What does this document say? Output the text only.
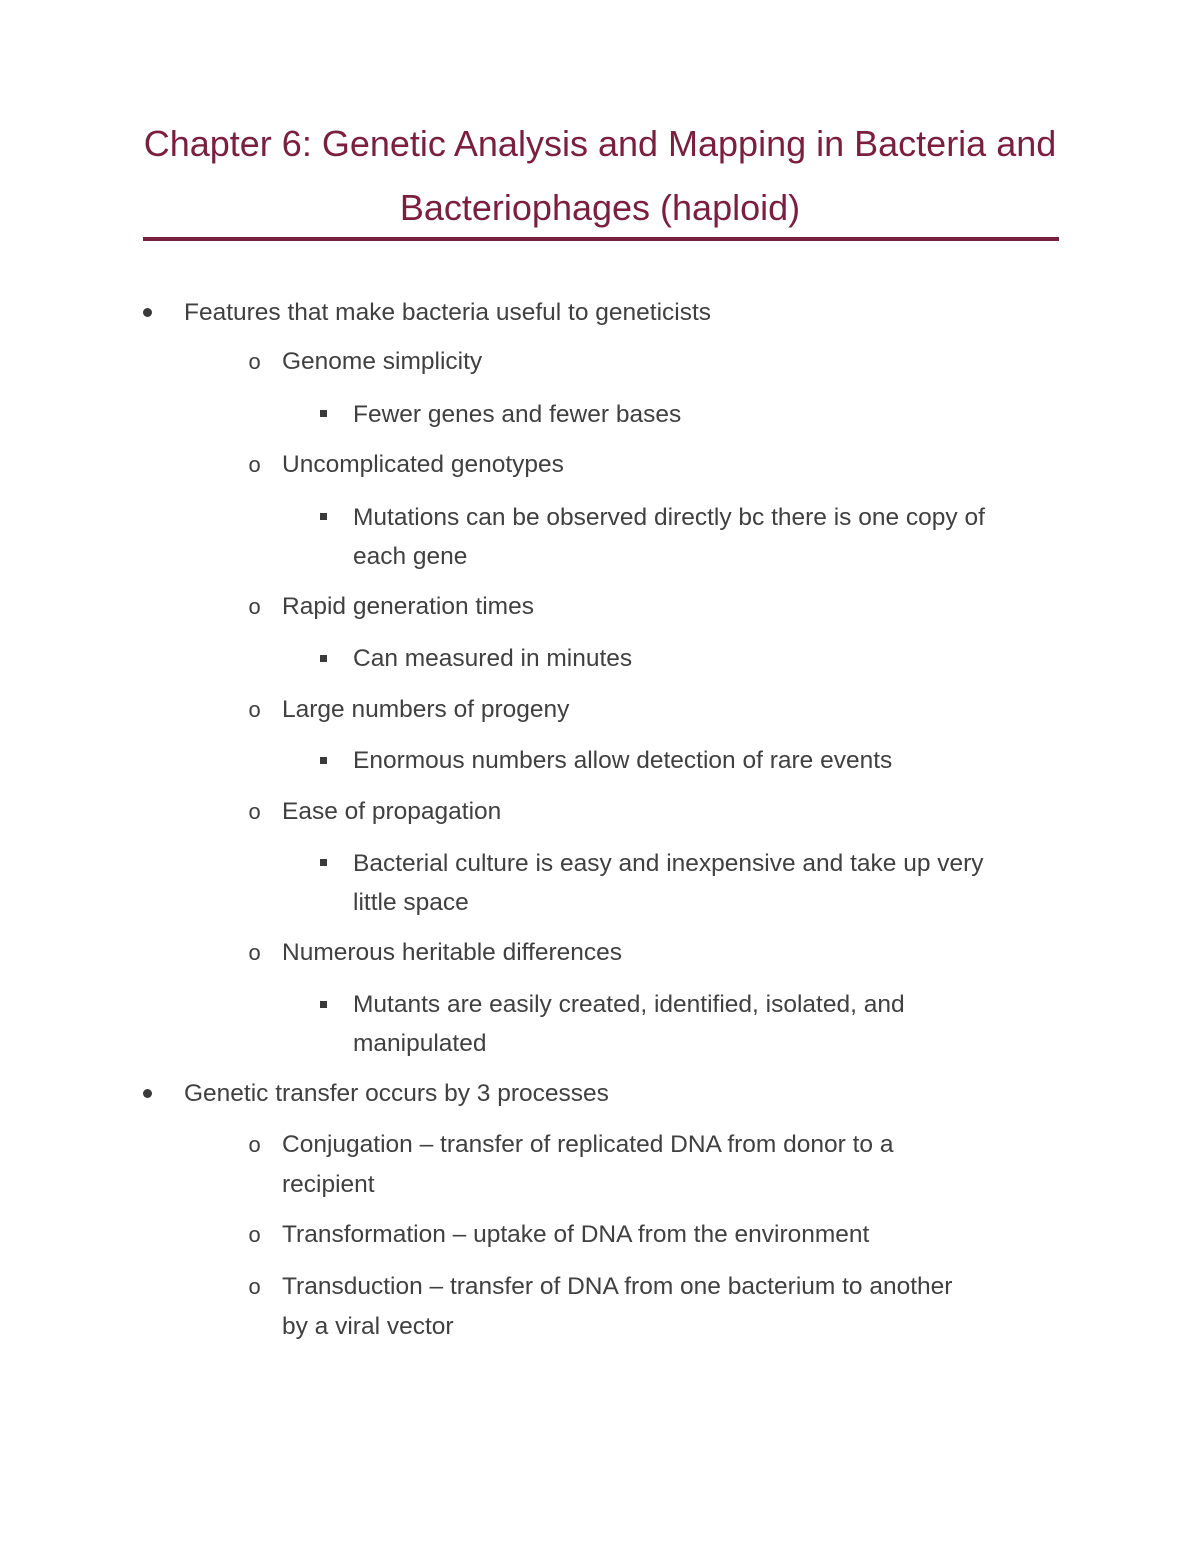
Chapter 6: Genetic Analysis and Mapping in Bacteria and
Bacteriophages (haploid)
Features that make bacteria useful to geneticists
o Genome simplicity
Fewer genes and fewer bases
o Uncomplicated genotypes
Mutations can be observed directly bc there is one copy of
each gene
o Rapid generation times
Can measured in minutes
o Large numbers of progeny
Enormous numbers allow detection of rare events
o Ease of propagation
Bacterial culture is easy and inexpensive and take up very
little space
o Numerous heritable differences
Mutants are easily created, identified, isolated, and
manipulated
Genetic transfer occurs by 3 processes
o Conjugation – transfer of replicated DNA from donor to a
recipient
o Transformation – uptake of DNA from the environment
o Transduction – transfer of DNA from one bacterium to another
by a viral vector
